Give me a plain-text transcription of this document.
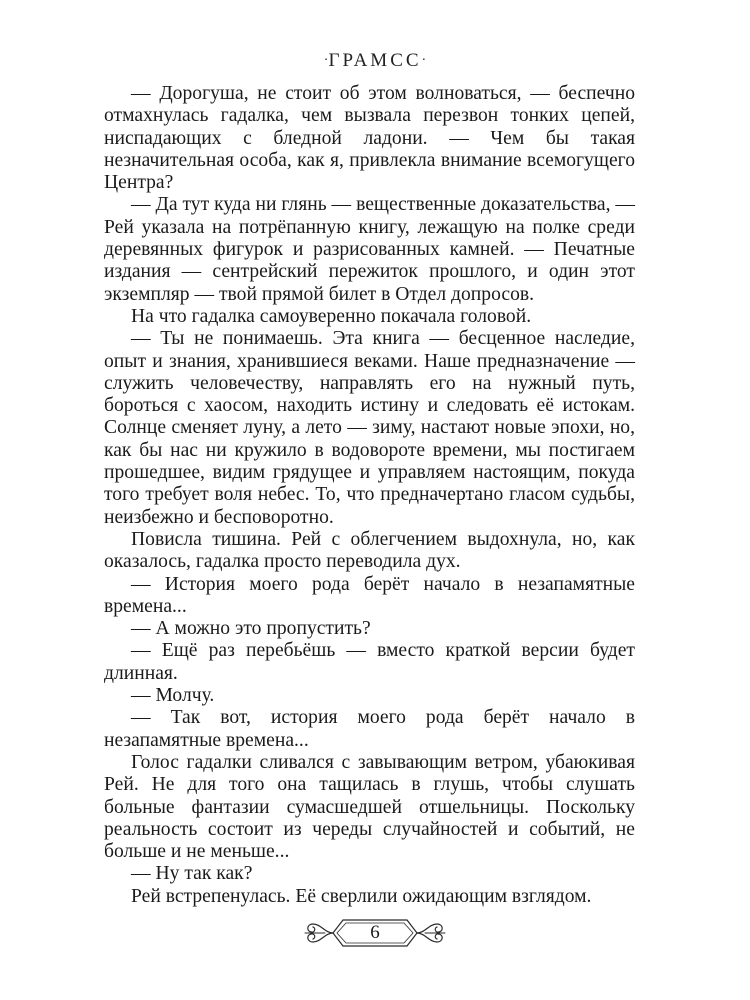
·ГРАМСС·

— Дорогуша, не стоит об этом волноваться, — беспечно отмахнулась гадалка, чем вызвала перезвон тонких цепей, ниспадающих с бледной ладони. — Чем бы такая незначительная особа, как я, привлекла внимание всемогущего Центра?

— Да тут куда ни глянь — вещественные доказательства, — Рей указала на потрёпанную книгу, лежащую на полке среди деревянных фигурок и разрисованных камней. — Печатные издания — сентрейский пережиток прошлого, и один этот экземпляр — твой прямой билет в Отдел допросов.

На что гадалка самоуверенно покачала головой.

— Ты не понимаешь. Эта книга — бесценное наследие, опыт и знания, хранившиеся веками. Наше предназначение — служить человечеству, направлять его на нужный путь, бороться с хаосом, находить истину и следовать её истокам. Солнце сменяет луну, а лето — зиму, настают новые эпохи, но, как бы нас ни кружило в водовороте времени, мы постигаем прошедшее, видим грядущее и управляем настоящим, покуда того требует воля небес. То, что предначертано гласом судьбы, неизбежно и бесповоротно.

Повисла тишина. Рей с облегчением выдохнула, но, как оказалось, гадалка просто переводила дух.

— История моего рода берёт начало в незапамятные времена...

— А можно это пропустить?

— Ещё раз перебьёшь — вместо краткой версии будет длинная.

— Молчу.

— Так вот, история моего рода берёт начало в незапамятные времена...

Голос гадалки сливался с завывающим ветром, убаюкивая Рей. Не для того она тащилась в глушь, чтобы слушать больные фантазии сумасшедшей отшельницы. Поскольку реальность состоит из череды случайностей и событий, не больше и не меньше...

— Ну так как?

Рей встрепенулась. Её сверлили ожидающим взглядом.

6
